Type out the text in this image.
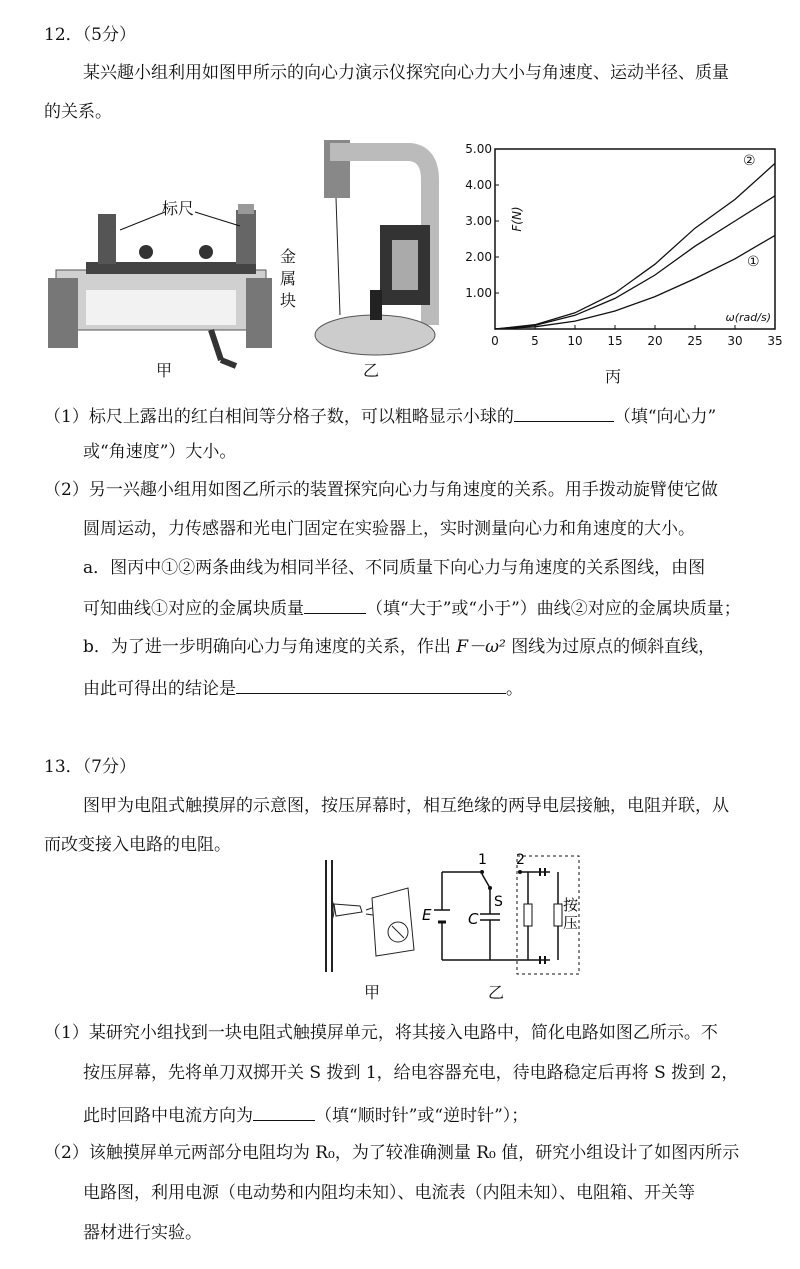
12．（5分）
某兴趣小组利用如图甲所示的向心力演示仪探究向心力大小与角速度、运动半径、质量
的关系。
标尺
金
属
块
甲	乙
0	5 10 15 20 25 30 35
1.00
2.00
3.00
4.00
5.00
F(N)
ω(rad/s)
②
①
丙
（1）标尺上露出的红白相间等分格子数，可以粗略显示小球的	（填“向心力”
或“角速度”）大小。
（2）另一兴趣小组用如图乙所示的装置探究向心力与角速度的关系。用手拨动旋臂使它做
圆周运动，力传感器和光电门固定在实验器上，实时测量向心力和角速度的大小。
a．图丙中①②两条曲线为相同半径、不同质量下向心力与角速度的关系图线，由图
可知曲线①对应的金属块质量	（填“大于”或“小于”）曲线②对应的金属块质量；
b．为了进一步明确向心力与角速度的关系，作出 F－ω² 图线为过原点的倾斜直线，
由此可得出的结论是	。
13．（7分）
图甲为电阻式触摸屏的示意图，按压屏幕时，相互绝缘的两导电层接触，电阻并联，从
而改变接入电路的电阻。
甲
1 2
S
E C
按
压
乙
（1）某研究小组找到一块电阻式触摸屏单元，将其接入电路中，简化电路如图乙所示。不
按压屏幕，先将单刀双掷开关 S 拨到 1，给电容器充电，待电路稳定后再将 S 拨到 2，
此时回路中电流方向为	（填“顺时针”或“逆时针”）；
（2）该触摸屏单元两部分电阻均为 R₀，为了较准确测量 R₀ 值，研究小组设计了如图丙所示
电路图，利用电源（电动势和内阻均未知）、电流表（内阻未知）、电阻箱、开关等
器材进行实验。
